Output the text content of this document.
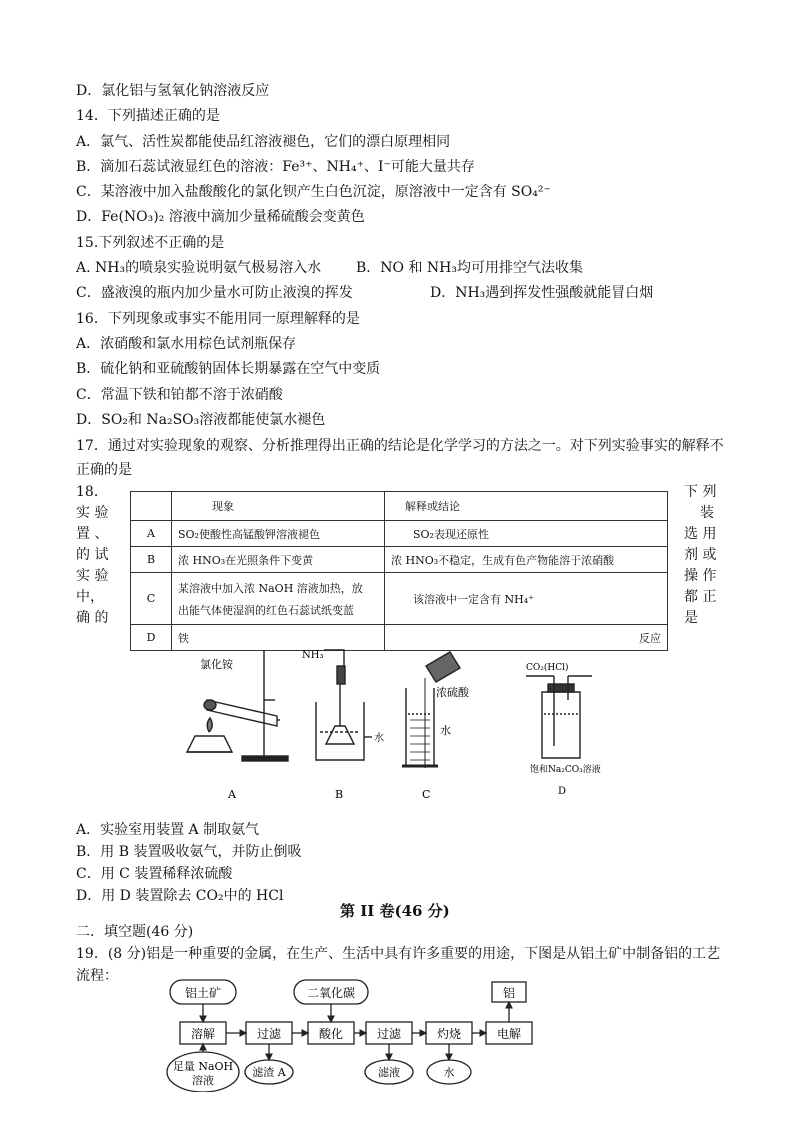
D．氯化铝与氢氧化钠溶液反应
14．下列描述正确的是
A．氯气、活性炭都能使品红溶液褪色，它们的漂白原理相同
B．滴加石蕊试液显红色的溶液：Fe³⁺、NH₄⁺、I⁻可能大量共存
C．某溶液中加入盐酸酸化的氯化钡产生白色沉淀，原溶液中一定含有 SO₄²⁻
D．Fe(NO₃)₂ 溶液中滴加少量稀硫酸会变黄色
15.下列叙述不正确的是
A. NH₃的喷泉实验说明氨气极易溶入水 B．NO 和 NH₃均可用排空气法收集
C．盛液溴的瓶内加少量水可防止液溴的挥发	D．NH₃遇到挥发性强酸就能冒白烟
16．下列现象或事实不能用同一原理解释的是
A．浓硝酸和氯水用棕色试剂瓶保存
B．硫化钠和亚硫酸钠固体长期暴露在空气中变质
C．常温下铁和铂都不溶于浓硝酸
D．SO₂和 Na₂SO₃溶液都能使氯水褪色
17．通过对实验现象的观察、分析推理得出正确的结论是化学学习的方法之一。对下列实验事实的解释不
正确的是
18．
实 验
置 、
的 试
实 验
中，
确 的
下 列
装
选 用
剂 或
操 作
都 正
是
	现象	解释或结论
A	SO₂使酸性高锰酸钾溶液褪色	SO₂表现还原性
B	浓 HNO₃在光照条件下变黄	浓 HNO₃不稳定，生成有色产物能溶于浓硝酸
C	某溶液中加入浓 NaOH 溶液加热，放
出能气体使湿润的红色石蕊试纸变蓝	该溶液中一定含有 NH₄⁺
D	铁	反应
氯化铵
A
NH₃
水
B
浓硫酸
水
C
CO₂(HCl)
饱和Na₂CO₃溶液
D
A．实验室用装置 A 制取氨气
B．用 B 装置吸收氨气，并防止倒吸
C．用 C 装置稀释浓硫酸
D．用 D 装置除去 CO₂中的 HCl
第 II 卷(46 分)
二．填空题(46 分)
19．(8 分)铝是一种重要的金属，在生产、生活中具有许多重要的用途，下图是从铝土矿中制备铝的工艺
流程：
铝土矿
溶解
足量 NaOH
溶液
过滤
滤渣 A
二氧化碳
酸化	过滤
滤液
灼烧
水
电解
铝
